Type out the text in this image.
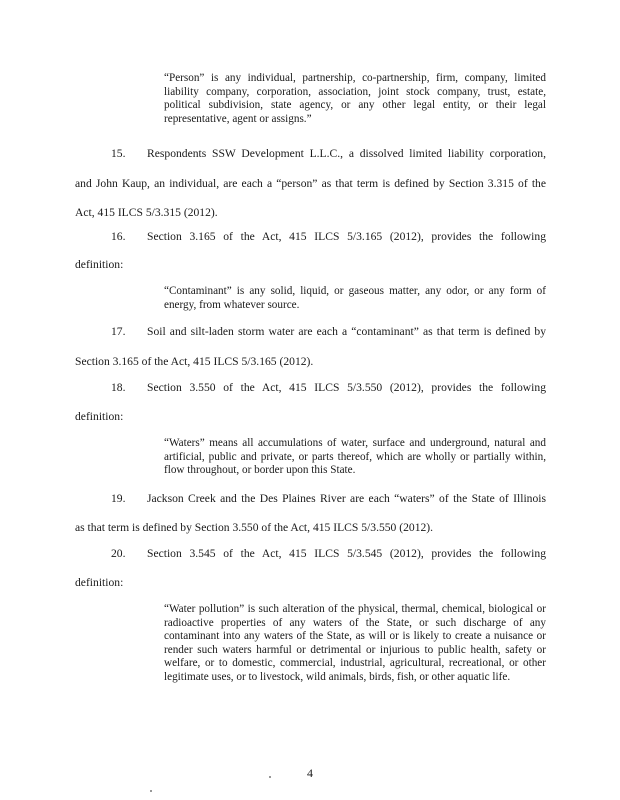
“Person” is any individual, partnership, co-partnership, firm, company, limited liability company, corporation, association, joint stock company, trust, estate, political subdivision, state agency, or any other legal entity, or their legal representative, agent or assigns.”

15. Respondents SSW Development L.L.C., a dissolved limited liability corporation,

and John Kaup, an individual, are each a “person” as that term is defined by Section 3.315 of the

Act, 415 ILCS 5/3.315 (2012).

16. Section 3.165 of the Act, 415 ILCS 5/3.165 (2012), provides the following

definition:

“Contaminant” is any solid, liquid, or gaseous matter, any odor, or any form of energy, from whatever source.

17. Soil and silt-laden storm water are each a “contaminant” as that term is defined by

Section 3.165 of the Act, 415 ILCS 5/3.165 (2012).

18. Section 3.550 of the Act, 415 ILCS 5/3.550 (2012), provides the following

definition:

“Waters” means all accumulations of water, surface and underground, natural and artificial, public and private, or parts thereof, which are wholly or partially within, flow throughout, or border upon this State.

19. Jackson Creek and the Des Plaines River are each “waters” of the State of Illinois

as that term is defined by Section 3.550 of the Act, 415 ILCS 5/3.550 (2012).

20. Section 3.545 of the Act, 415 ILCS 5/3.545 (2012), provides the following

definition:

“Water pollution” is such alteration of the physical, thermal, chemical, biological or radioactive properties of any waters of the State, or such discharge of any contaminant into any waters of the State, as will or is likely to create a nuisance or render such waters harmful or detrimental or injurious to public health, safety or welfare, or to domestic, commercial, industrial, agricultural, recreational, or other legitimate uses, or to livestock, wild animals, birds, fish, or other aquatic life.

4
